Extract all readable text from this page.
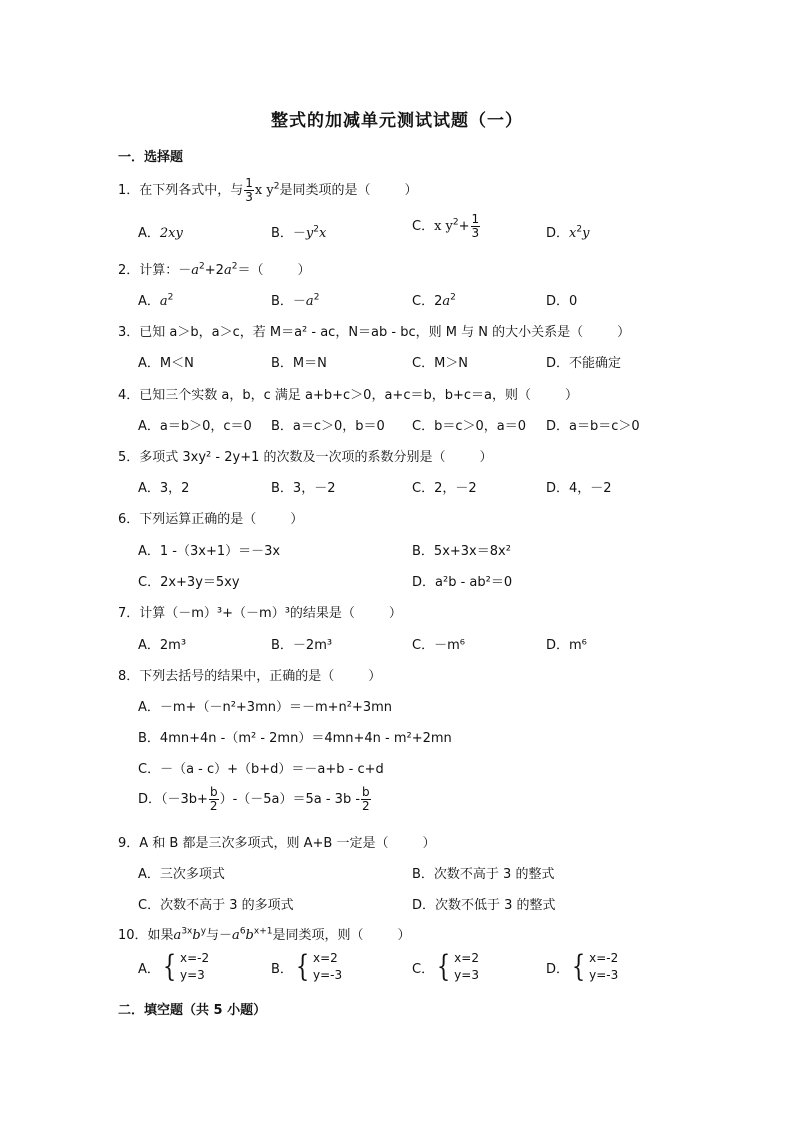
整式的加减单元测试试题（一）
一．选择题
1．在下列各式中，与 $\frac{1}{3}$ x $y^2$是同类项的是（	）
A．2xy	B．$-y^2x$	C．x $y^2+ \frac{1}{3}$	D．$x^2y$
2．计算：$-a^2+2a^2=$（	）
A．$a^2$	B．$-a^2$	C．$2a^2$	D．0
3．已知 a＞b，a＞c，若 M＝a² - ac，N＝ab - bc，则 M 与 N 的大小关系是（	）
A．M＜N	B．M＝N	C．M＞N	D．不能确定
4．已知三个实数 a，b，c 满足 a+b+c＞0，a+c＝b，b+c＝a，则（	）
A．a＝b＞0，c＝0 B．a＝c＞0，b＝0 C．b＝c＞0，a＝0 D．a＝b＝c＞0
5．多项式 3xy² - 2y+1 的次数及一次项的系数分别是（	）
A．3，2	B．3，－2	C．2，－2	D．4，－2
6．下列运算正确的是（	）
A．1 -（3x+1）＝－3x	B．5x+3x＝8x²
C．2x+3y＝5xy	D．a²b - ab²＝0
7．计算（－m）³+（－m）³的结果是（	）
A．2m³	B．－2m³	C．－m⁶	D．m⁶
8．下列去括号的结果中，正确的是（	）
A．－m+（－n²+3mn）＝－m+n²+3mn
B．4mn+4n -（m² - 2mn）＝4mn+4n - m²+2mn
C．－（a - c）+（b+d）＝－a+b - c+d
D．$(-3b+ \frac{b}{2} )-(-5a)=5a - 3b - \frac{b}{2}$
9．A 和 B 都是三次多项式，则 A+B 一定是（	）
A．三次多项式	B．次数不高于 3 的整式
C．次数不高于 3 的多项式	D．次数不低于 3 的整式
10．如果$a^{3x}b^y$与$-a^6b^{x+1}$是同类项，则（	）
A． { x=-2
y=3	B． { x=2
y=-3	C． { x=2
y=3	D． { x=-2
y=-3
二．填空题（共 5 小题）
